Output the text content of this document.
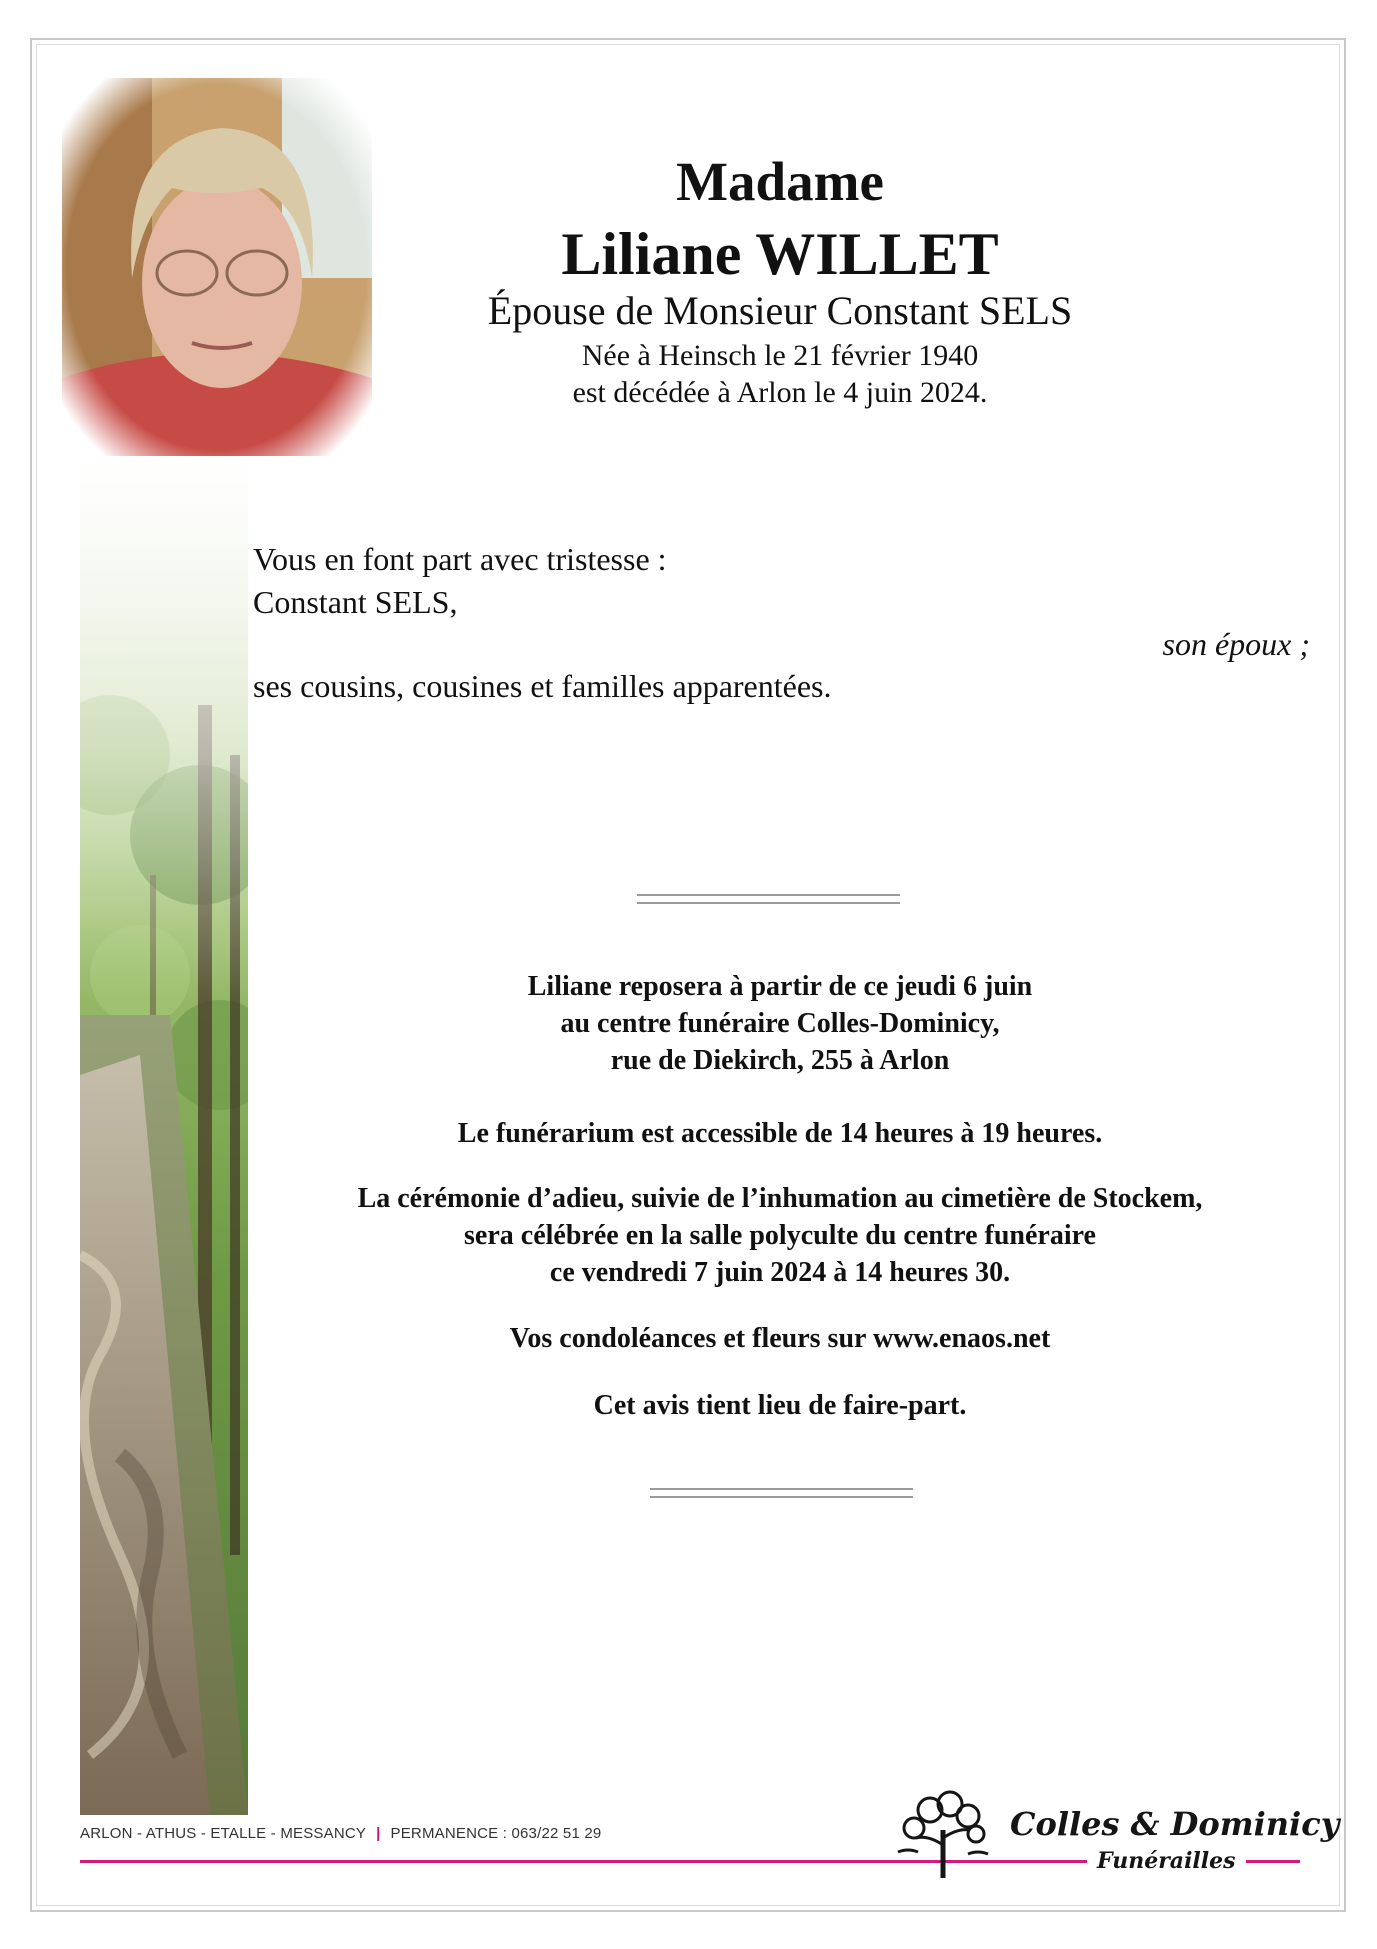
Madame
Liliane WILLET
Épouse de Monsieur Constant SELS
Née à Heinsch le 21 février 1940
est décédée à Arlon le 4 juin 2024.
Vous en font part avec tristesse :
Constant SELS,
son époux ;
ses cousins, cousines et familles apparentées.

Liliane reposera à partir de ce jeudi 6 juin

au centre funéraire Colles-Dominicy,

rue de Diekirch, 255 à Arlon

Le funérarium est accessible de 14 heures à 19 heures.

La cérémonie d’adieu, suivie de l’inhumation au cimetière de Stockem,

sera célébrée en la salle polyculte du centre funéraire

ce vendredi 7 juin 2024 à 14 heures 30.

Vos condoléances et fleurs sur www.enaos.net

Cet avis tient lieu de faire-part.

ARLON - ATHUS - ETALLE - MESSANCY | PERMANENCE : 063/22 51 29	Colles & Dominicy
Funérailles
